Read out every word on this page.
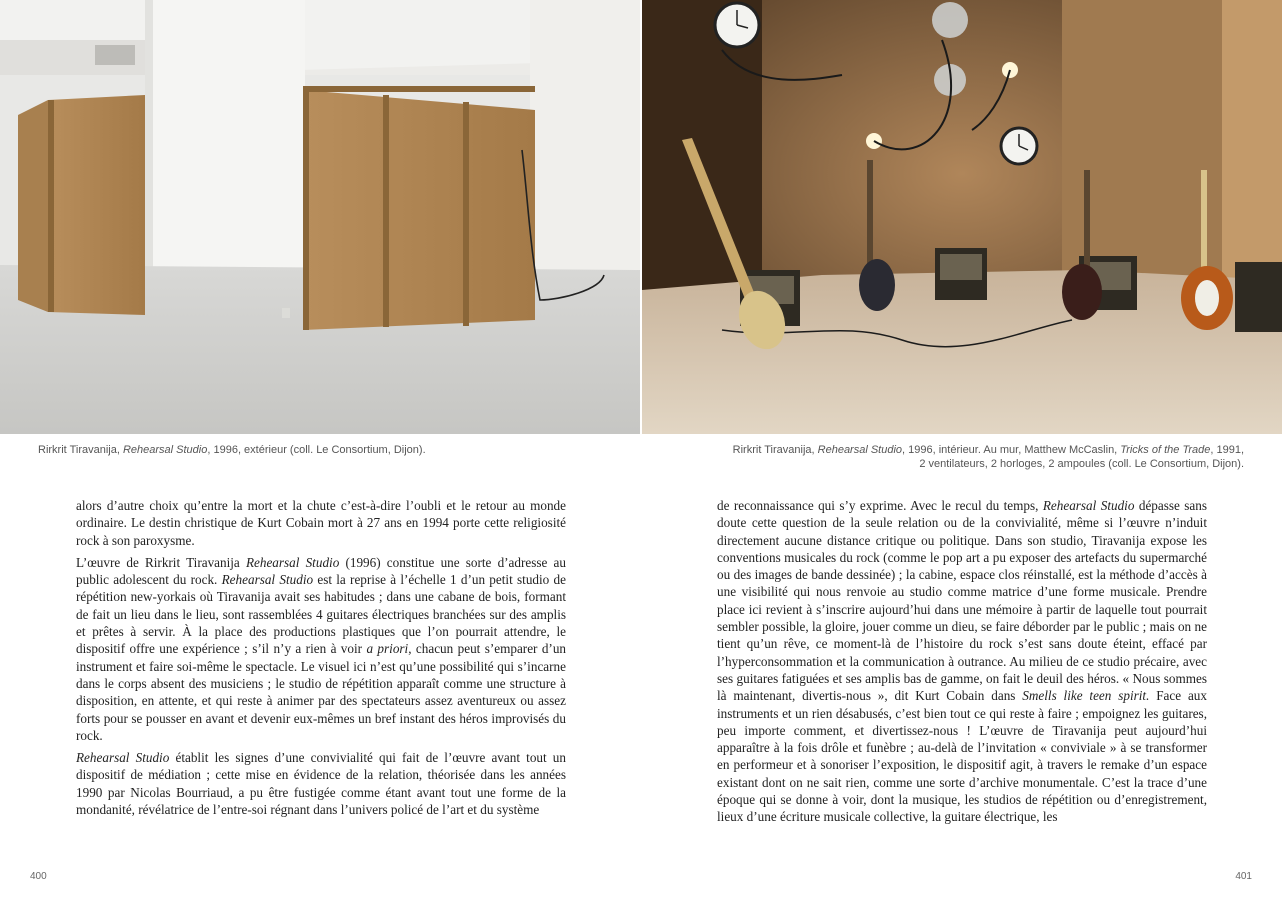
Rirkrit Tiravanija, Rehearsal Studio, 1996, extérieur (coll. Le Consortium, Dijon).	Rirkrit Tiravanija, Rehearsal Studio, 1996, intérieur. Au mur, Matthew McCaslin, Tricks of the Trade, 1991,
2 ventilateurs, 2 horloges, 2 ampoules (coll. Le Consortium, Dijon).

alors d’autre choix qu’entre la mort et la chute c’est-à-dire l’oubli et le retour au monde ordinaire. Le destin christique de Kurt Cobain mort à 27 ans en 1994 porte cette religiosité rock à son paroxysme.

L’œuvre de Rirkrit Tiravanija Rehearsal Studio (1996) constitue une sorte d’adresse au public adolescent du rock. Rehearsal Studio est la reprise à l’échelle 1 d’un petit studio de répétition new-yorkais où Tiravanija avait ses habitudes ; dans une cabane de bois, formant de fait un lieu dans le lieu, sont rassemblées 4 guitares électriques branchées sur des amplis et prêtes à servir. À la place des productions plastiques que l’on pourrait attendre, le dispositif offre une expérience ; s’il n’y a rien à voir a priori, chacun peut s’emparer d’un instrument et faire soi-même le spectacle. Le visuel ici n’est qu’une possibilité qui s’incarne dans le corps absent des musiciens ; le studio de répétition apparaît comme une structure à disposition, en attente, et qui reste à animer par des spectateurs assez aventureux ou assez forts pour se pousser en avant et devenir eux-mêmes un bref instant des héros improvisés du rock.

Rehearsal Studio établit les signes d’une convivialité qui fait de l’œuvre avant tout un dispositif de médiation ; cette mise en évidence de la relation, théorisée dans les années 1990 par Nicolas Bourriaud, a pu être fustigée comme étant avant tout une forme de la mondanité, révélatrice de l’entre-soi régnant dans l’univers policé de l’art et du système

de reconnaissance qui s’y exprime. Avec le recul du temps, Rehearsal Studio dépasse sans doute cette question de la seule relation ou de la convivialité, même si l’œuvre n’induit directement aucune distance critique ou politique. Dans son studio, Tiravanija expose les conventions musicales du rock (comme le pop art a pu exposer des artefacts du supermarché ou des images de bande dessinée) ; la cabine, espace clos réinstallé, est la méthode d’accès à une visibilité qui nous renvoie au studio comme matrice d’une forme musicale. Prendre place ici revient à s’inscrire aujourd’hui dans une mémoire à partir de laquelle tout pourrait sembler possible, la gloire, jouer comme un dieu, se faire déborder par le public ; mais on ne tient qu’un rêve, ce moment-là de l’histoire du rock s’est sans doute éteint, effacé par l’hyperconsommation et la communication à outrance. Au milieu de ce studio précaire, avec ses guitares fatiguées et ses amplis bas de gamme, on fait le deuil des héros. « Nous sommes là maintenant, divertis-nous », dit Kurt Cobain dans Smells like teen spirit. Face aux instruments et un rien désabusés, c’est bien tout ce qui reste à faire ; empoignez les guitares, peu importe comment, et divertissez-nous ! L’œuvre de Tiravanija peut aujourd’hui apparaître à la fois drôle et funèbre ; au-delà de l’invitation « conviviale » à se transformer en performeur et à sonoriser l’exposition, le dispositif agit, à travers le remake d’un espace existant dont on ne sait rien, comme une sorte d’archive monumentale. C’est la trace d’une époque qui se donne à voir, dont la musique, les studios de répétition ou d’enregistrement, lieux d’une écriture musicale collective, la guitare électrique, les

400	401
